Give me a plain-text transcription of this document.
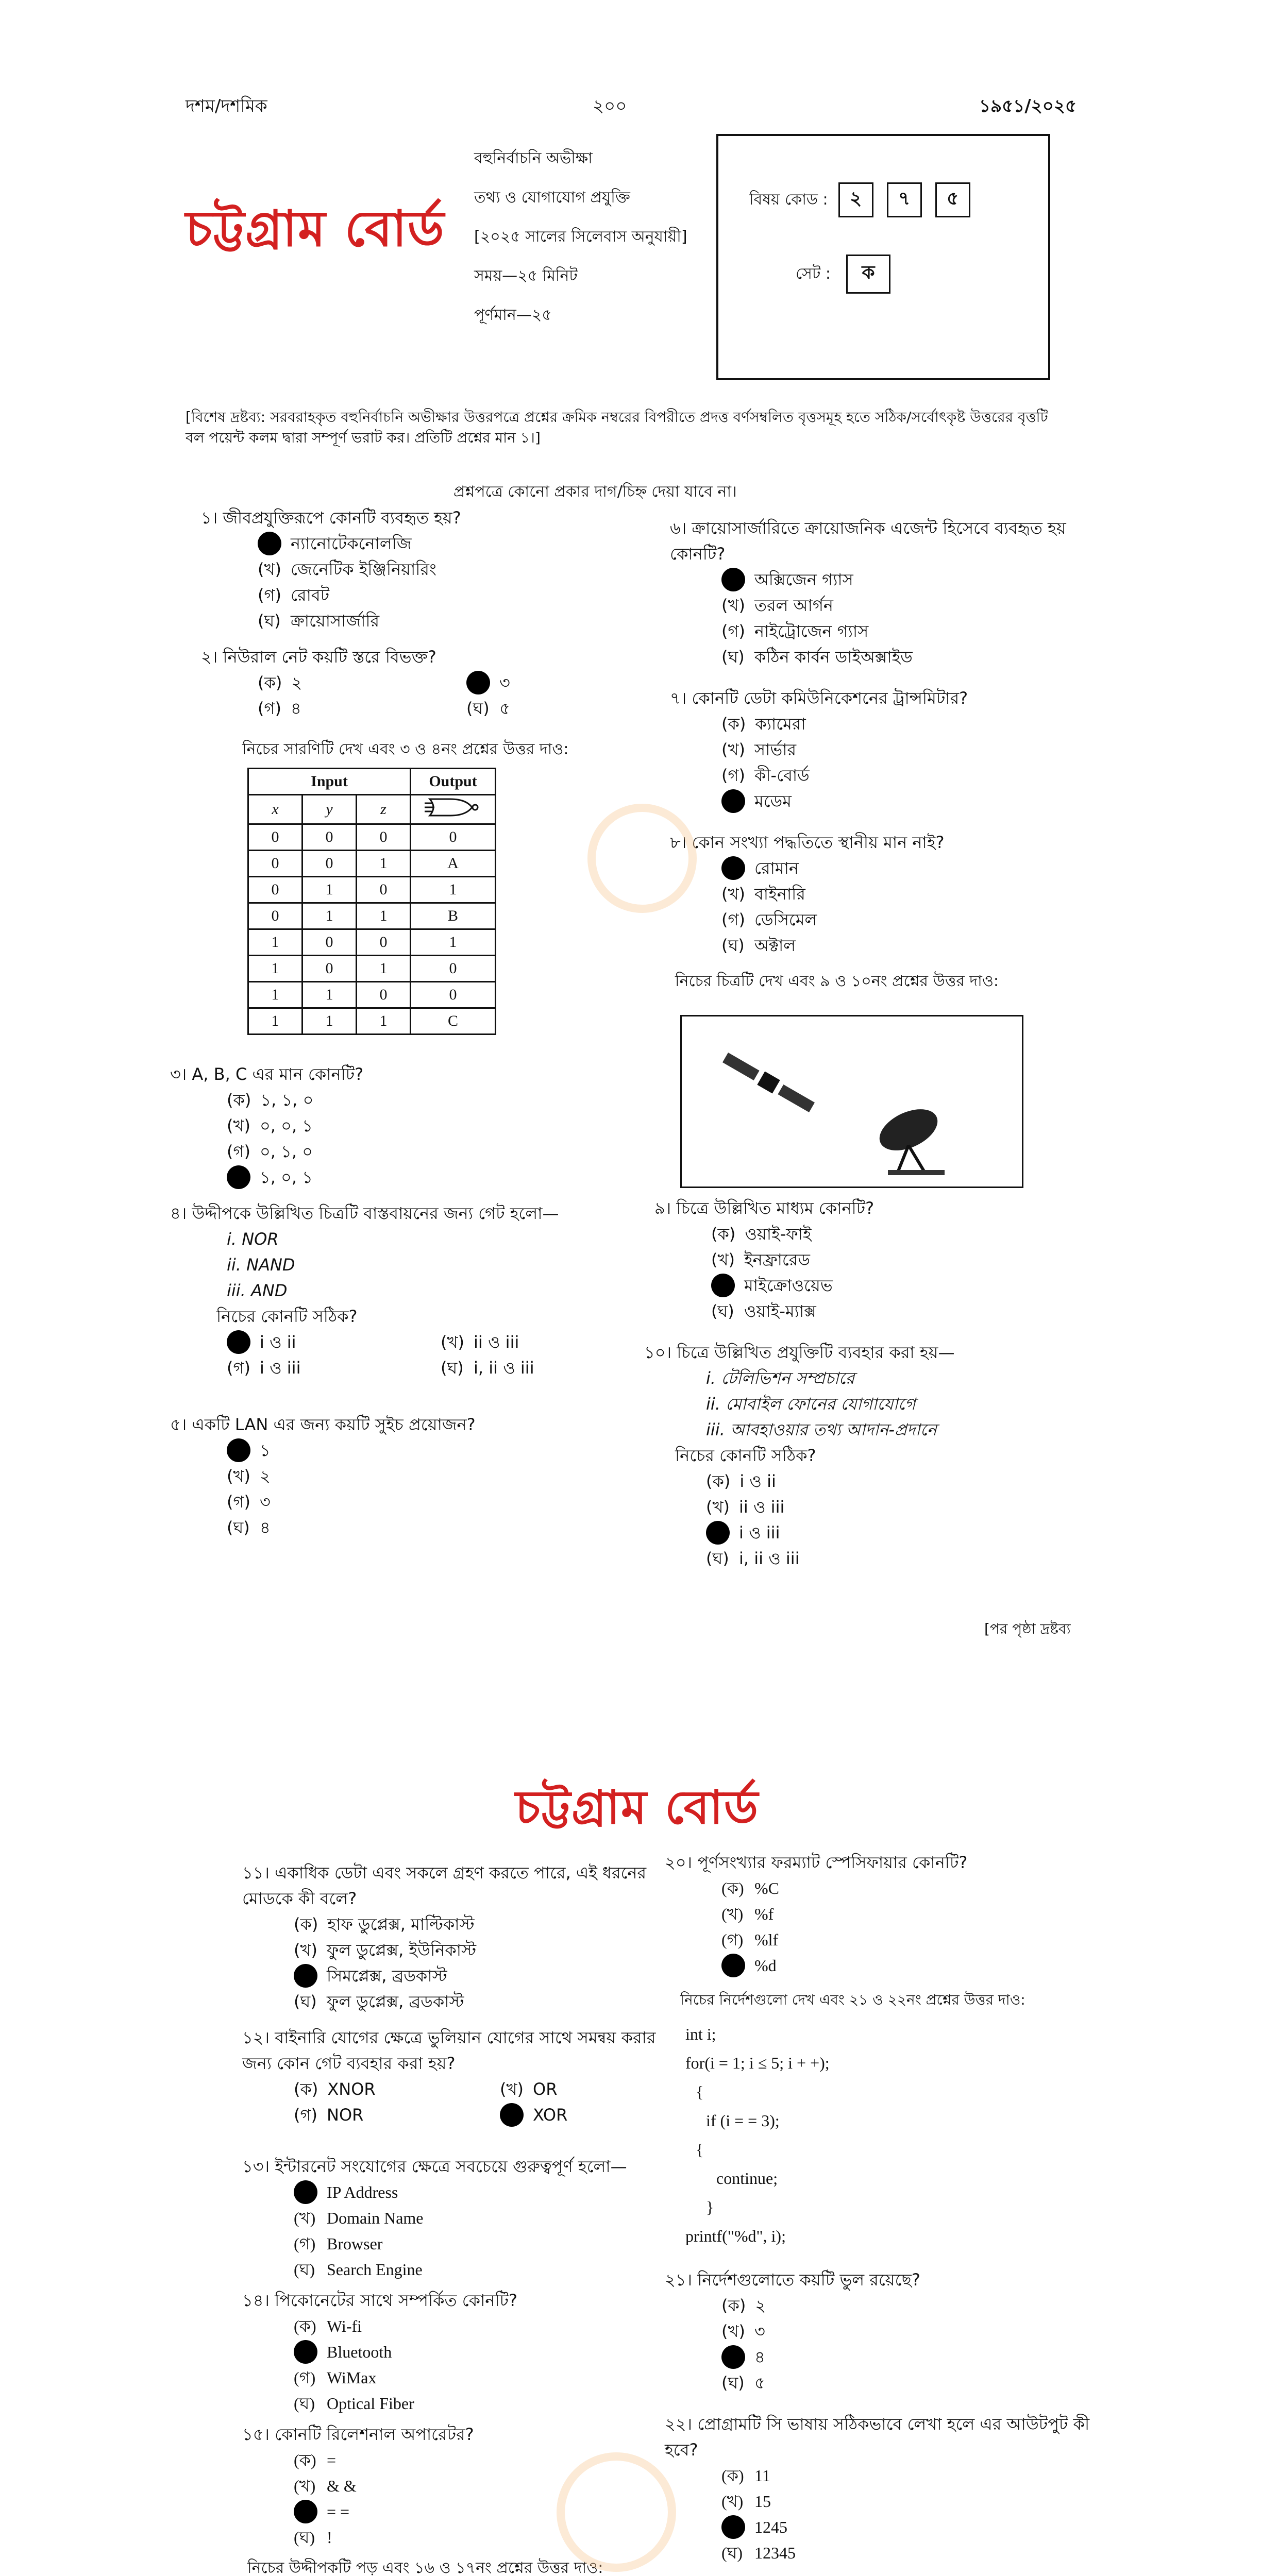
দশম/দশমিক	২০০	১৯৫১/২০২৫
চট্টগ্রাম বোর্ড
বহুনির্বাচনি অভীক্ষা
তথ্য ও যোগাযোগ প্রযুক্তি
[২০২৫ সালের সিলেবাস অনুযায়ী]
সময়—২৫ মিনিট
পূর্ণমান—২৫
বিষয় কোড :	২	৭	৫
সেট :	ক
[বিশেষ দ্রষ্টব্য: সরবরাহকৃত বহুনির্বাচনি অভীক্ষার উত্তরপত্রে প্রশ্নের ক্রমিক নম্বরের বিপরীতে প্রদত্ত বর্ণসম্বলিত বৃত্তসমূহ হতে সঠিক/সর্বোৎকৃষ্ট উত্তরের বৃত্তটি বল পয়েন্ট কলম দ্বারা সম্পূর্ণ ভরাট কর। প্রতিটি প্রশ্নের মান ১।]
প্রশ্নপত্রে কোনো প্রকার দাগ/চিহ্ন দেয়া যাবে না।
১। জীবপ্রযুক্তিরূপে কোনটি ব্যবহৃত হয়?
ন্যানোটেকনোলজি
(খ) জেনেটিক ইঞ্জিনিয়ারিং
(গ) রোবট
(ঘ) ক্রায়োসার্জারি
২। নিউরাল নেট কয়টি স্তরে বিভক্ত?
(ক) ২	৩
(গ) ৪	(ঘ) ৫
নিচের সারণিটি দেখ এবং ৩ ও ৪নং প্রশ্নের উত্তর দাও:
Input			Output
x	y	z	
0	0	0	0
0	0	1	A
0	1	0	1
0	1	1	B
1	0	0	1
1	0	1	0
1	1	0	0
1	1	1	C
৩। A, B, C এর মান কোনটি?
(ক) ১, ১, ০
(খ) ০, ০, ১
(গ) ০, ১, ০
১, ০, ১
৪। উদ্দীপকে উল্লিখিত চিত্রটি বাস্তবায়নের জন্য গেট হলো—
i. NOR
ii. NAND
iii. AND
নিচের কোনটি সঠিক?
i ও ii	(খ) ii ও iii
(গ) i ও iii	(ঘ) i, ii ও iii
৫। একটি LAN এর জন্য কয়টি সুইচ প্রয়োজন?
১
(খ) ২
(গ) ৩
(ঘ) ৪
৬। ক্রায়োসার্জারিতে ক্রায়োজনিক এজেন্ট হিসেবে ব্যবহৃত হয় কোনটি?
অক্সিজেন গ্যাস
(খ) তরল আর্গন
(গ) নাইট্রোজেন গ্যাস
(ঘ) কঠিন কার্বন ডাইঅক্সাইড
৭। কোনটি ডেটা কমিউনিকেশনের ট্রান্সমিটার?
(ক) ক্যামেরা
(খ) সার্ভার
(গ) কী-বোর্ড
মডেম
৮। কোন সংখ্যা পদ্ধতিতে স্থানীয় মান নাই?
রোমান
(খ) বাইনারি
(গ) ডেসিমেল
(ঘ) অক্টাল
নিচের চিত্রটি দেখ এবং ৯ ও ১০নং প্রশ্নের উত্তর দাও:
৯। চিত্রে উল্লিখিত মাধ্যম কোনটি?
(ক) ওয়াই-ফাই
(খ) ইনফ্রারেড
মাইক্রোওয়েভ
(ঘ) ওয়াই-ম্যাক্স
১০। চিত্রে উল্লিখিত প্রযুক্তিটি ব্যবহার করা হয়—
i. টেলিভিশন সম্প্রচারে
ii. মোবাইল ফোনের যোগাযোগে
iii. আবহাওয়ার তথ্য আদান-প্রদানে
নিচের কোনটি সঠিক?
(ক) i ও ii
(খ) ii ও iii
i ও iii
(ঘ) i, ii ও iii
[পর পৃষ্ঠা দ্রষ্টব্য
চট্টগ্রাম বোর্ড
১১। একাধিক ডেটা এবং সকলে গ্রহণ করতে পারে, এই ধরনের মোডকে কী বলে?
(ক) হাফ ডুপ্লেক্স, মাল্টিকাস্ট
(খ) ফুল ডুপ্লেক্স, ইউনিকাস্ট
সিমপ্লেক্স, ব্রডকাস্ট
(ঘ) ফুল ডুপ্লেক্স, ব্রডকাস্ট
১২। বাইনারি যোগের ক্ষেত্রে ভুলিয়ান যোগের সাথে সমন্বয় করার জন্য কোন গেট ব্যবহার করা হয়?
(ক) XNOR	(খ) OR
(গ) NOR	XOR
১৩। ইন্টারনেট সংযোগের ক্ষেত্রে সবচেয়ে গুরুত্বপূর্ণ হলো—
IP Address
(খ) Domain Name
(গ) Browser
(ঘ) Search Engine
১৪। পিকোনেটের সাথে সম্পর্কিত কোনটি?
(ক) Wi-fi
Bluetooth
(গ) WiMax
(ঘ) Optical Fiber
১৫। কোনটি রিলেশনাল অপারেটর?
(ক) =
(খ) & &
= =
(ঘ) !
নিচের উদ্দীপকটি পড় এবং ১৬ ও ১৭নং প্রশ্নের উত্তর দাও:
২০। পূর্ণসংখ্যার ফরম্যাট স্পেসিফায়ার কোনটি?
(ক) %C
(খ) %f
(গ) %lf
%d
নিচের নির্দেশগুলো দেখ এবং ২১ ও ২২নং প্রশ্নের উত্তর দাও:
int i;
for(i = 1; i ≤ 5; i + +);
{
if (i = = 3);
{
continue;
}
printf("%d", i);
২১। নির্দেশগুলোতে কয়টি ভুল রয়েছে?
(ক) ২
(খ) ৩
৪
(ঘ) ৫
২২। প্রোগ্রামটি সি ভাষায় সঠিকভাবে লেখা হলে এর আউটপুট কী হবে?
(ক) 11
(খ) 15
1245
(ঘ) 12345
